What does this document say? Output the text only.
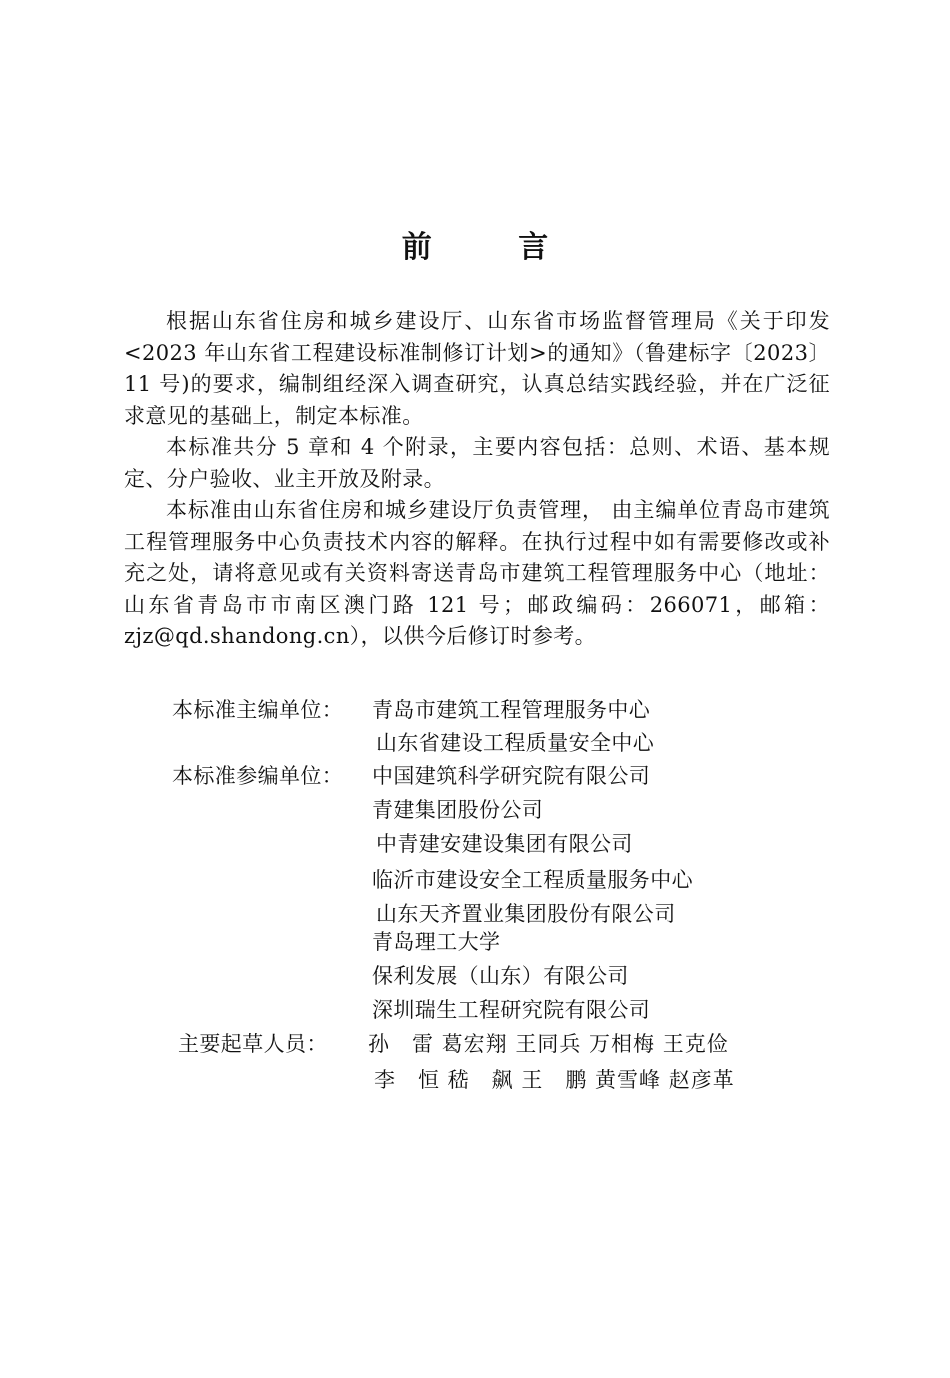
前 言

根据山东省住房和城乡建设厅、山东省市场监督管理局《关于印发<2023 年山东省工程建设标准制修订计划>的通知》（鲁建标字〔2023〕11 号)的要求，编制组经深入调查研究，认真总结实践经验，并在广泛征求意见的基础上，制定本标准。

本标准共分 5 章和 4 个附录，主要内容包括：总则、术语、基本规定、分户验收、业主开放及附录。

本标准由山东省住房和城乡建设厅负责管理， 由主编单位青岛市建筑工程管理服务中心负责技术内容的解释。在执行过程中如有需要修改或补充之处，请将意见或有关资料寄送青岛市建筑工程管理服务中心（地址：山东省青岛市市南区澳门路 121 号；邮政编码：266071，邮箱：zjz@qd.shandong.cn），以供今后修订时参考。

本标准主编单位： 青岛市建筑工程管理服务中心
山东省建设工程质量安全中心
本标准参编单位： 中国建筑科学研究院有限公司
青建集团股份公司
中青建安建设集团有限公司
临沂市建设安全工程质量服务中心
山东天齐置业集团股份有限公司
青岛理工大学
保利发展（山东）有限公司
深圳瑞生工程研究院有限公司
主要起草人员： 孙　雷 葛宏翔 王同兵 万相梅 王克俭
李　恒 嵇　飙 王　鹏 黄雪峰 赵彦革
